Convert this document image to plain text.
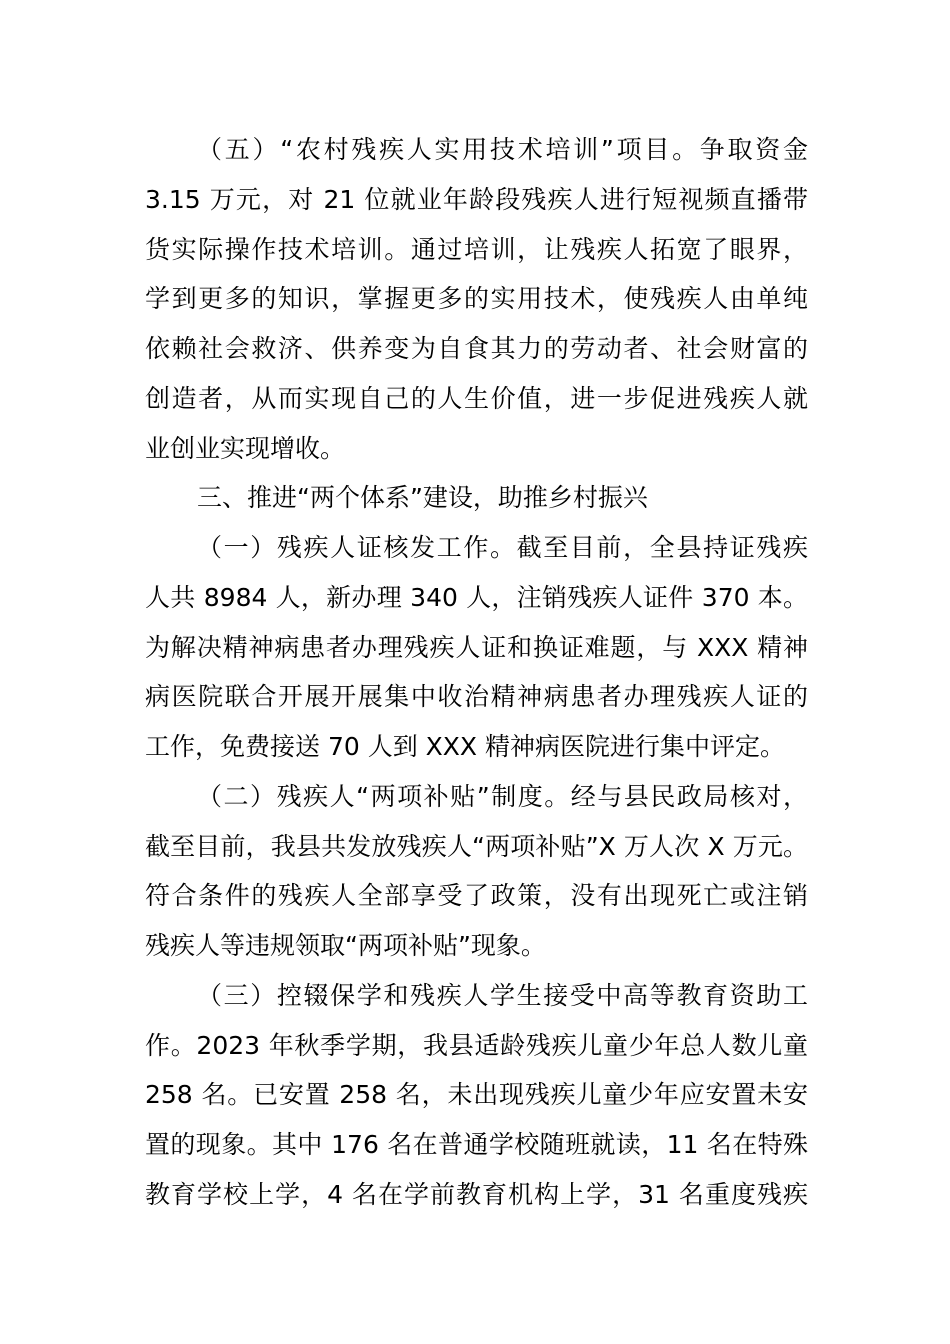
（五）“农村残疾人实用技术培训”项目。争取资金
3.15 万元，对 21 位就业年龄段残疾人进行短视频直播带
货实际操作技术培训。通过培训，让残疾人拓宽了眼界，
学到更多的知识，掌握更多的实用技术，使残疾人由单纯
依赖社会救济、供养变为自食其力的劳动者、社会财富的
创造者，从而实现自己的人生价值，进一步促进残疾人就
业创业实现增收。
三、推进“两个体系”建设，助推乡村振兴
（一）残疾人证核发工作。截至目前，全县持证残疾
人共 8984 人，新办理 340 人，注销残疾人证件 370 本。
为解决精神病患者办理残疾人证和换证难题，与 XXX 精神
病医院联合开展开展集中收治精神病患者办理残疾人证的
工作，免费接送 70 人到 XXX 精神病医院进行集中评定。
（二）残疾人“两项补贴”制度。经与县民政局核对，
截至目前，我县共发放残疾人“两项补贴”X 万人次 X 万元。
符合条件的残疾人全部享受了政策，没有出现死亡或注销
残疾人等违规领取“两项补贴”现象。
（三）控辍保学和残疾人学生接受中高等教育资助工
作。2023 年秋季学期，我县适龄残疾儿童少年总人数儿童
258 名。已安置 258 名，未出现残疾儿童少年应安置未安
置的现象。其中 176 名在普通学校随班就读，11 名在特殊
教育学校上学，4 名在学前教育机构上学，31 名重度残疾
